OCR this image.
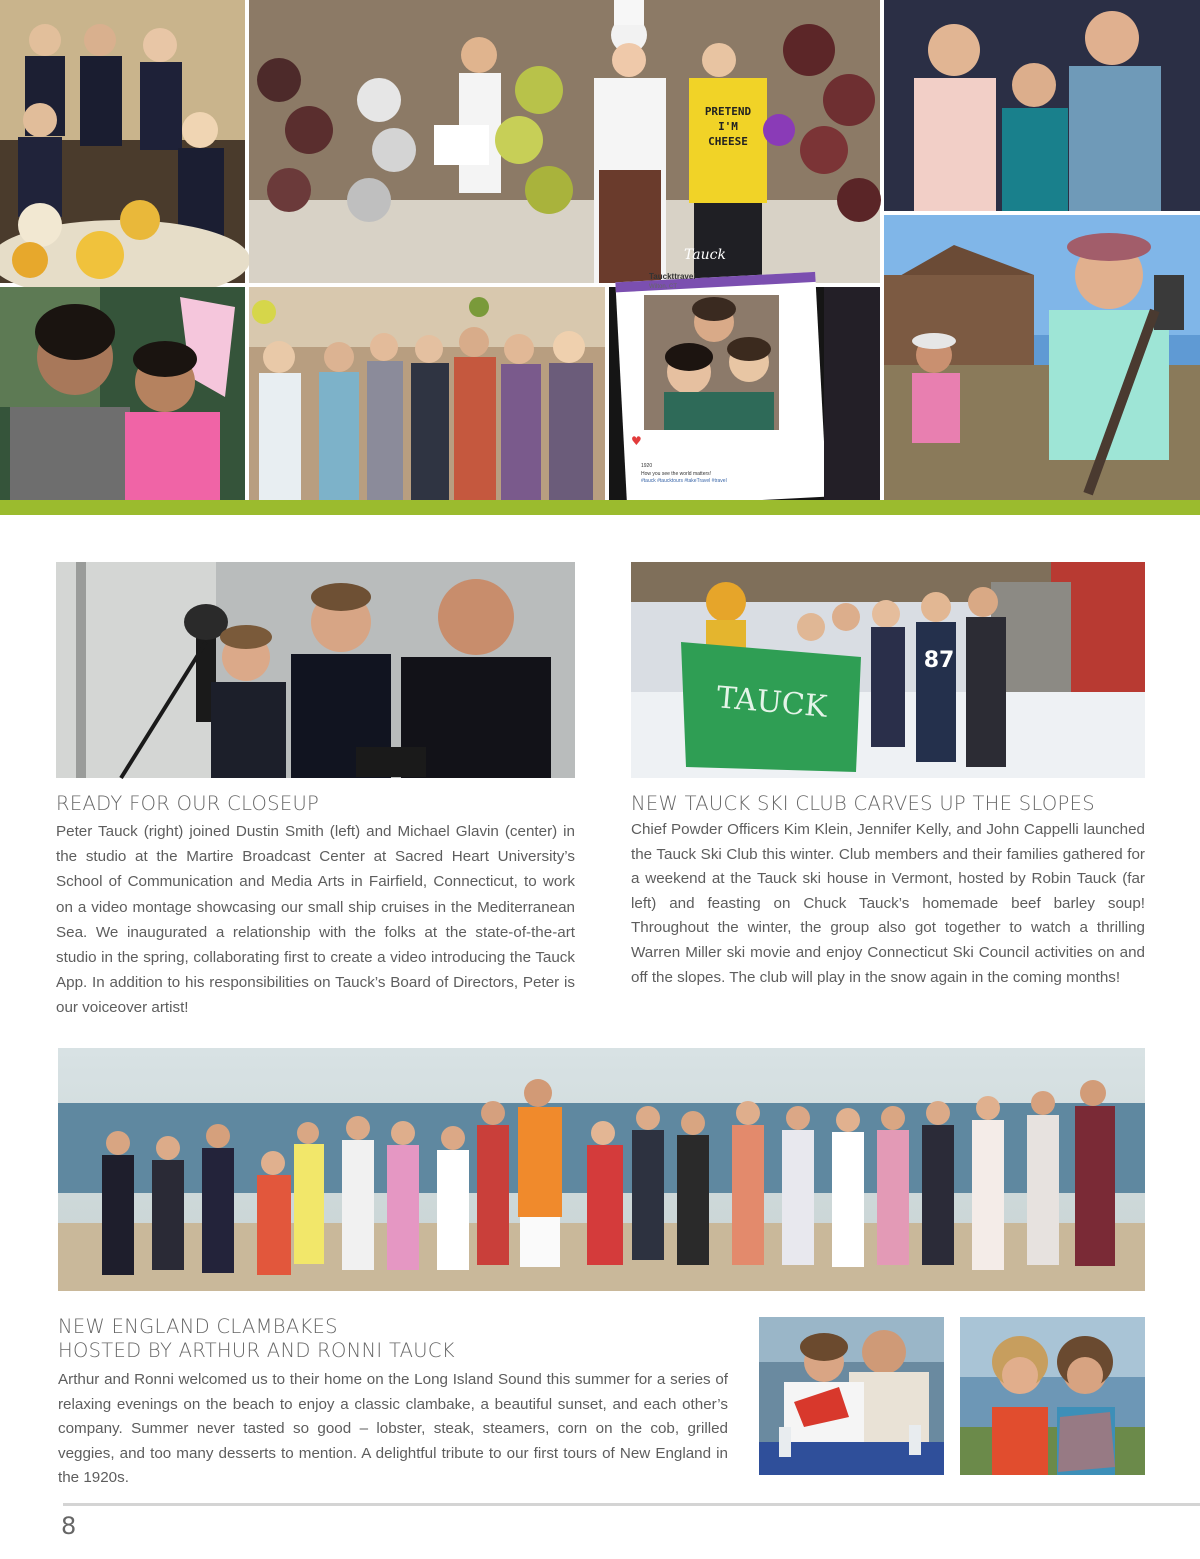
PRETEND
I'M
CHEESE
Tauck
Tauckttravel
Wilton, CT
♥
1920
How you see the world matters!
#tauck #taucktours #takeTravel #travel
READY FOR OUR CLOSEUP

Peter Tauck (right) joined Dustin Smith (left) and Michael Glavin (center) in the studio at the Martire Broadcast Center at Sacred Heart University’s School of Communication and Media Arts in Fairfield, Connecticut, to work on a video montage showcasing our small ship cruises in the Mediterranean Sea. We inaugurated a relationship with the folks at the state-of-the-art studio in the spring, collaborating first to create a video introducing the Tauck App. In addition to his responsibilities on Tauck’s Board of Directors, Peter is our voiceover artist!

87
TAUCK
NEW TAUCK SKI CLUB CARVES UP THE SLOPES

Chief Powder Officers Kim Klein, Jennifer Kelly, and John Cappelli launched the Tauck Ski Club this winter. Club members and their families gathered for a weekend at the Tauck ski house in Vermont, hosted by Robin Tauck (far left) and feasting on Chuck Tauck’s homemade beef barley soup! Throughout the winter, the group also got together to watch a thrilling Warren Miller ski movie and enjoy Connecticut Ski Council activities on and off the slopes. The club will play in the snow again in the coming months!

NEW ENGLAND CLAMBAKES
HOSTED BY ARTHUR AND RONNI TAUCK

Arthur and Ronni welcomed us to their home on the Long Island Sound this summer for a series of relaxing evenings on the beach to enjoy a classic clambake, a beautiful sunset, and each other’s company. Summer never tasted so good – lobster, steak, steamers, corn on the cob, grilled veggies, and too many desserts to mention. A delightful tribute to our first tours of New England in the 1920s.

8
